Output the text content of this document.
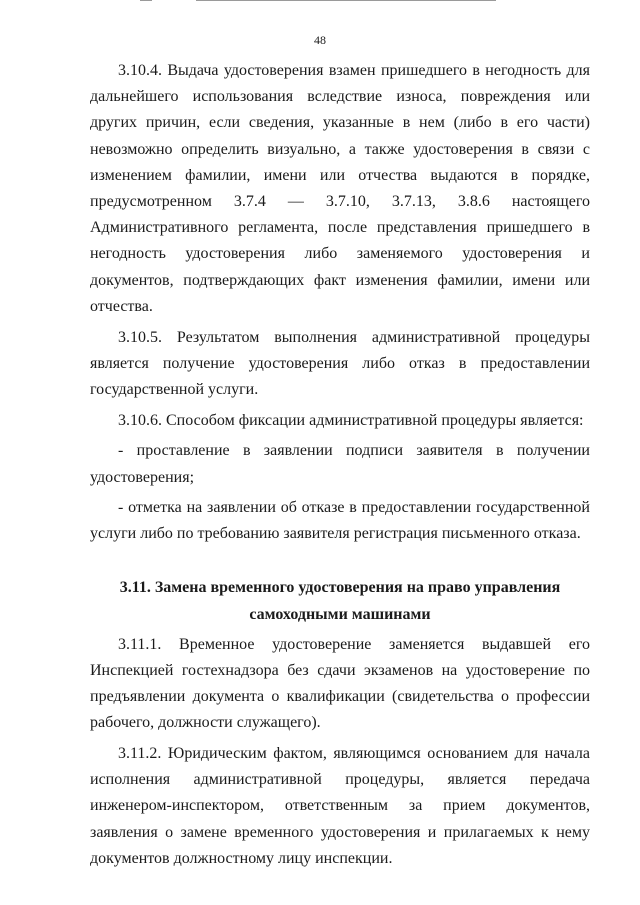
48

3.10.4. Выдача удостоверения взамен пришедшего в негодность для дальнейшего использования вследствие износа, повреждения или других причин, если сведения, указанные в нем (либо в его части) невозможно определить визуально, а также удостоверения в связи с изменением фамилии, имени или отчества выдаются в порядке, предусмотренном 3.7.4 — 3.7.10, 3.7.13, 3.8.6 настоящего Административного регламента, после представления пришедшего в негодность удостоверения либо заменяемого удостоверения и документов, подтверждающих факт изменения фамилии, имени или отчества.

3.10.5. Результатом выполнения административной процедуры является получение удостоверения либо отказ в предоставлении государственной услуги.

3.10.6. Способом фиксации административной процедуры является:

- проставление в заявлении подписи заявителя в получении удостоверения;

- отметка на заявлении об отказе в предоставлении государственной услуги либо по требованию заявителя регистрация письменного отказа.

3.11. Замена временного удостоверения на право управления
самоходными машинами

3.11.1. Временное удостоверение заменяется выдавшей его Инспекцией гостехнадзора без сдачи экзаменов на удостоверение по предъявлении документа о квалификации (свидетельства о профессии рабочего, должности служащего).

3.11.2. Юридическим фактом, являющимся основанием для начала исполнения административной процедуры, является передача инженером-инспектором, ответственным за прием документов, заявления о замене временного удостоверения и прилагаемых к нему документов должностному лицу инспекции.
